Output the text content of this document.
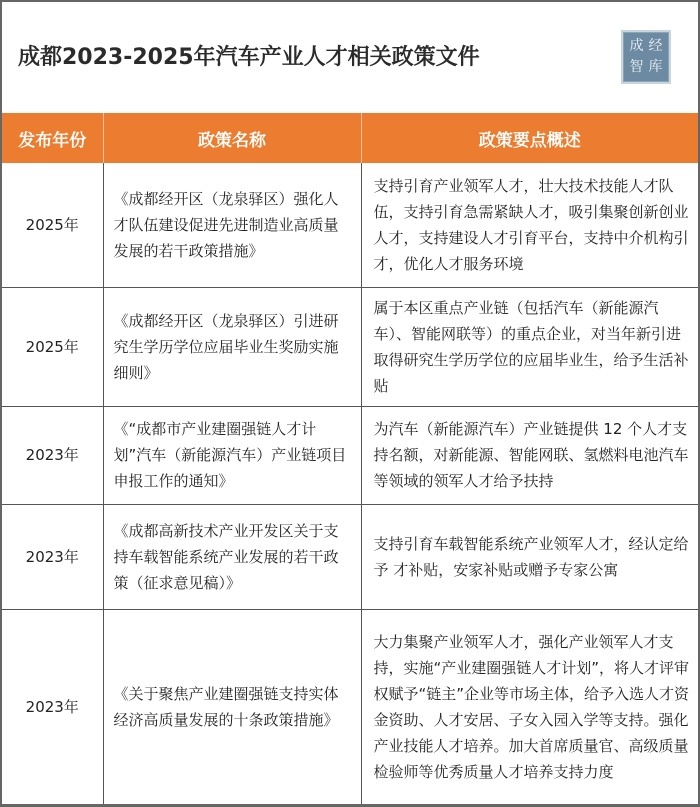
成都2023-2025年汽车产业人才相关政策文件	成 经
智 库
发布年份	政策名称	政策要点概述
2025年	《成都经开区（龙泉驿区）强化人才队伍建设促进先进制造业高质量发展的若干政策措施》	支持引育产业领军人才，壮大技术技能人才队伍，支持引育急需紧缺人才，吸引集聚创新创业人才，支持建设人才引育平台，支持中介机构引才，优化人才服务环境
2025年	《成都经开区（龙泉驿区）引进研究生学历学位应届毕业生奖励实施细则》	属于本区重点产业链（包括汽车（新能源汽车）、智能网联等）的重点企业，对当年新引进取得研究生学历学位的应届毕业生，给予生活补贴
2023年	《“成都市产业建圈强链人才计划”汽车（新能源汽车）产业链项目申报工作的通知》	为汽车（新能源汽车）产业链提供 12 个人才支持名额，对新能源、智能网联、氢燃料电池汽车等领域的领军人才给予扶持
2023年	《成都高新技术产业开发区关于支持车载智能系统产业发展的若干政策（征求意见稿）》	支持引育车载智能系统产业领军人才，经认定给予 才补贴，安家补贴或赠予专家公寓
2023年	《关于聚焦产业建圈强链支持实体经济高质量发展的十条政策措施》	大力集聚产业领军人才，强化产业领军人才支持，实施“产业建圈强链人才计划”，将人才评审权赋予“链主”企业等市场主体，给予入选人才资金资助、人才安居、子女入园入学等支持。强化产业技能人才培养。加大首席质量官、高级质量检验师等优秀质量人才培养支持力度
